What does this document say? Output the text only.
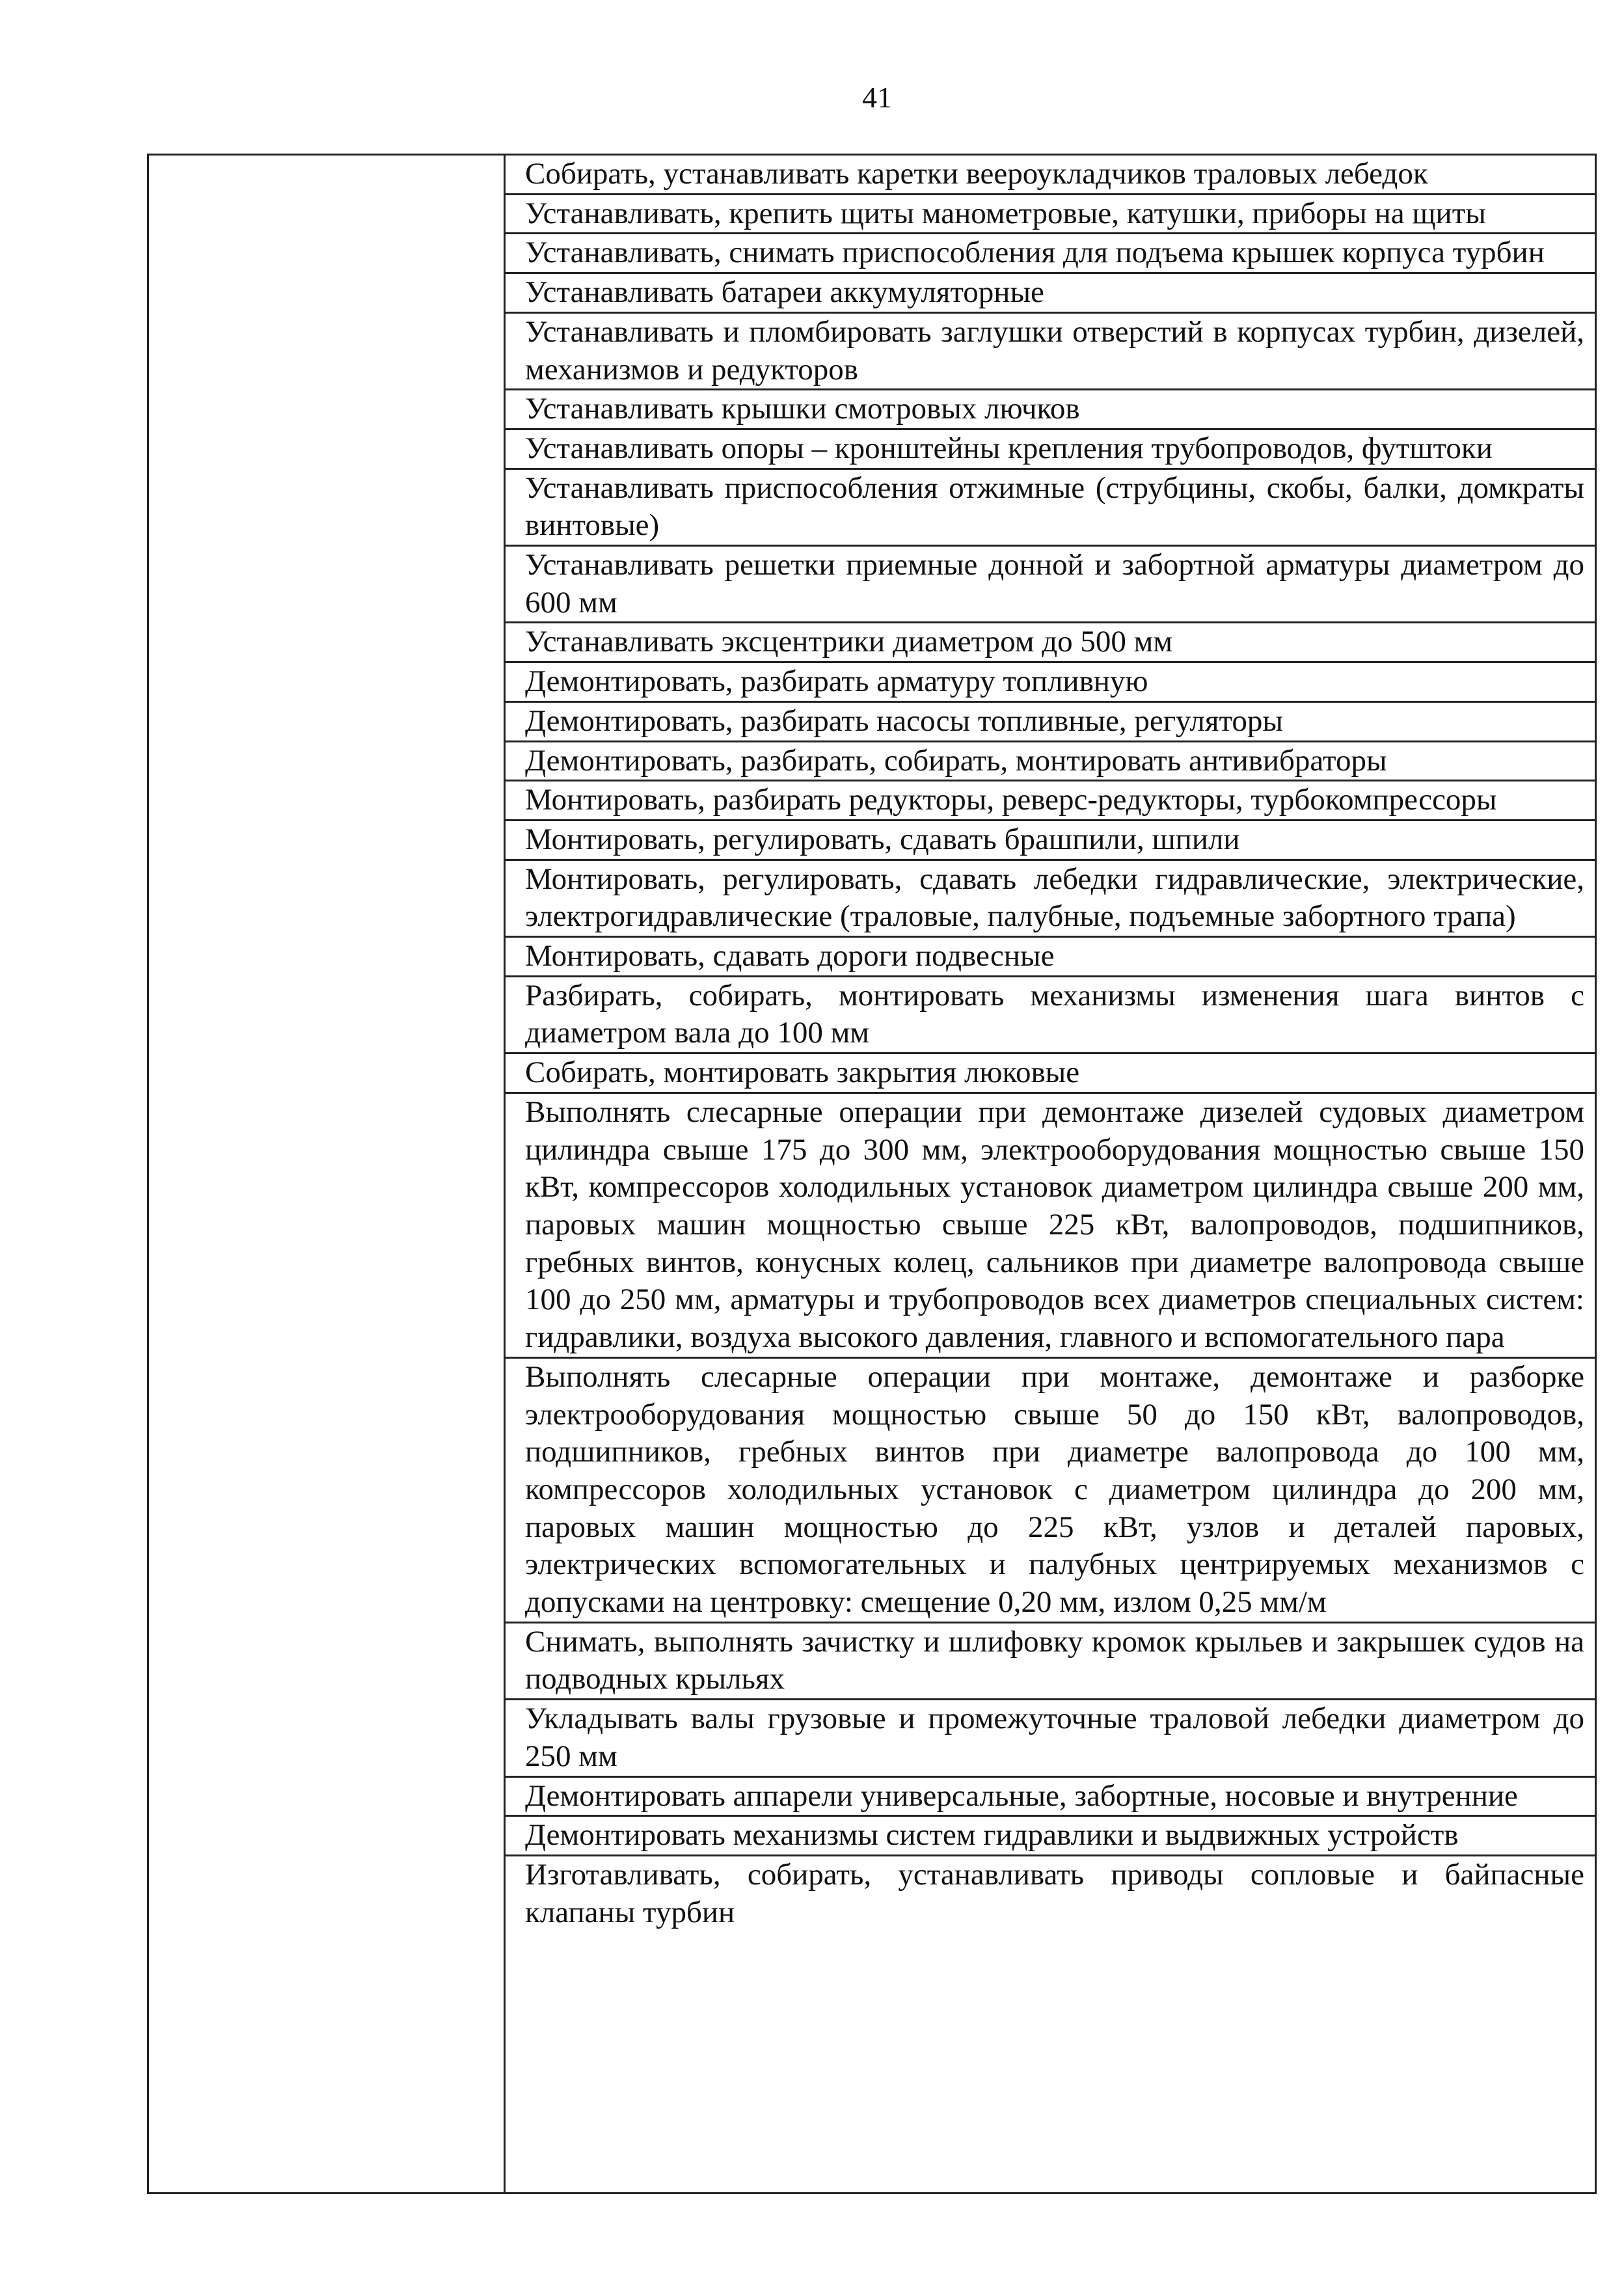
41

Собирать, устанавливать каретки веероукладчиков траловых лебедок
Устанавливать, крепить щиты манометровые, катушки, приборы на щиты
Устанавливать, снимать приспособления для подъема крышек корпуса турбин
Устанавливать батареи аккумуляторные
Устанавливать и пломбировать заглушки отверстий в корпусах турбин, дизелей, механизмов и редукторов
Устанавливать крышки смотровых лючков
Устанавливать опоры – кронштейны крепления трубопроводов, футштоки
Устанавливать приспособления отжимные (струбцины, скобы, балки, домкраты винтовые)
Устанавливать решетки приемные донной и забортной арматуры диаметром до 600 мм
Устанавливать эксцентрики диаметром до 500 мм
Демонтировать, разбирать арматуру топливную
Демонтировать, разбирать насосы топливные, регуляторы
Демонтировать, разбирать, собирать, монтировать антивибраторы
Монтировать, разбирать редукторы, реверс-редукторы, турбокомпрессоры
Монтировать, регулировать, сдавать брашпили, шпили
Монтировать, регулировать, сдавать лебедки гидравлические, электрические, электрогидравлические (траловые, палубные, подъемные забортного трапа)
Монтировать, сдавать дороги подвесные
Разбирать, собирать, монтировать механизмы изменения шага винтов с диаметром вала до 100 мм
Собирать, монтировать закрытия люковые
Выполнять слесарные операции при демонтаже дизелей судовых диаметром цилиндра свыше 175 до 300 мм, электрооборудования мощностью свыше 150 кВт, компрессоров холодильных установок диаметром цилиндра свыше 200 мм, паровых машин мощностью свыше 225 кВт, валопроводов, подшипников, гребных винтов, конусных колец, сальников при диаметре валопровода свыше 100 до 250 мм, арматуры и трубопроводов всех диаметров специальных систем: гидравлики, воздуха высокого давления, главного и вспомогательного пара
Выполнять слесарные операции при монтаже, демонтаже и разборке электрооборудования мощностью свыше 50 до 150 кВт, валопроводов, подшипников, гребных винтов при диаметре валопровода до 100 мм, компрессоров холодильных установок с диаметром цилиндра до 200 мм, паровых машин мощностью до 225 кВт, узлов и деталей паровых, электрических вспомогательных и палубных центрируемых механизмов с допусками на центровку: смещение 0,20 мм, излом 0,25 мм/м
Снимать, выполнять зачистку и шлифовку кромок крыльев и закрышек судов на подводных крыльях
Укладывать валы грузовые и промежуточные траловой лебедки диаметром до 250 мм
Демонтировать аппарели универсальные, забортные, носовые и внутренние
Демонтировать механизмы систем гидравлики и выдвижных устройств
Изготавливать, собирать, устанавливать приводы сопловые и байпасные клапаны турбин
